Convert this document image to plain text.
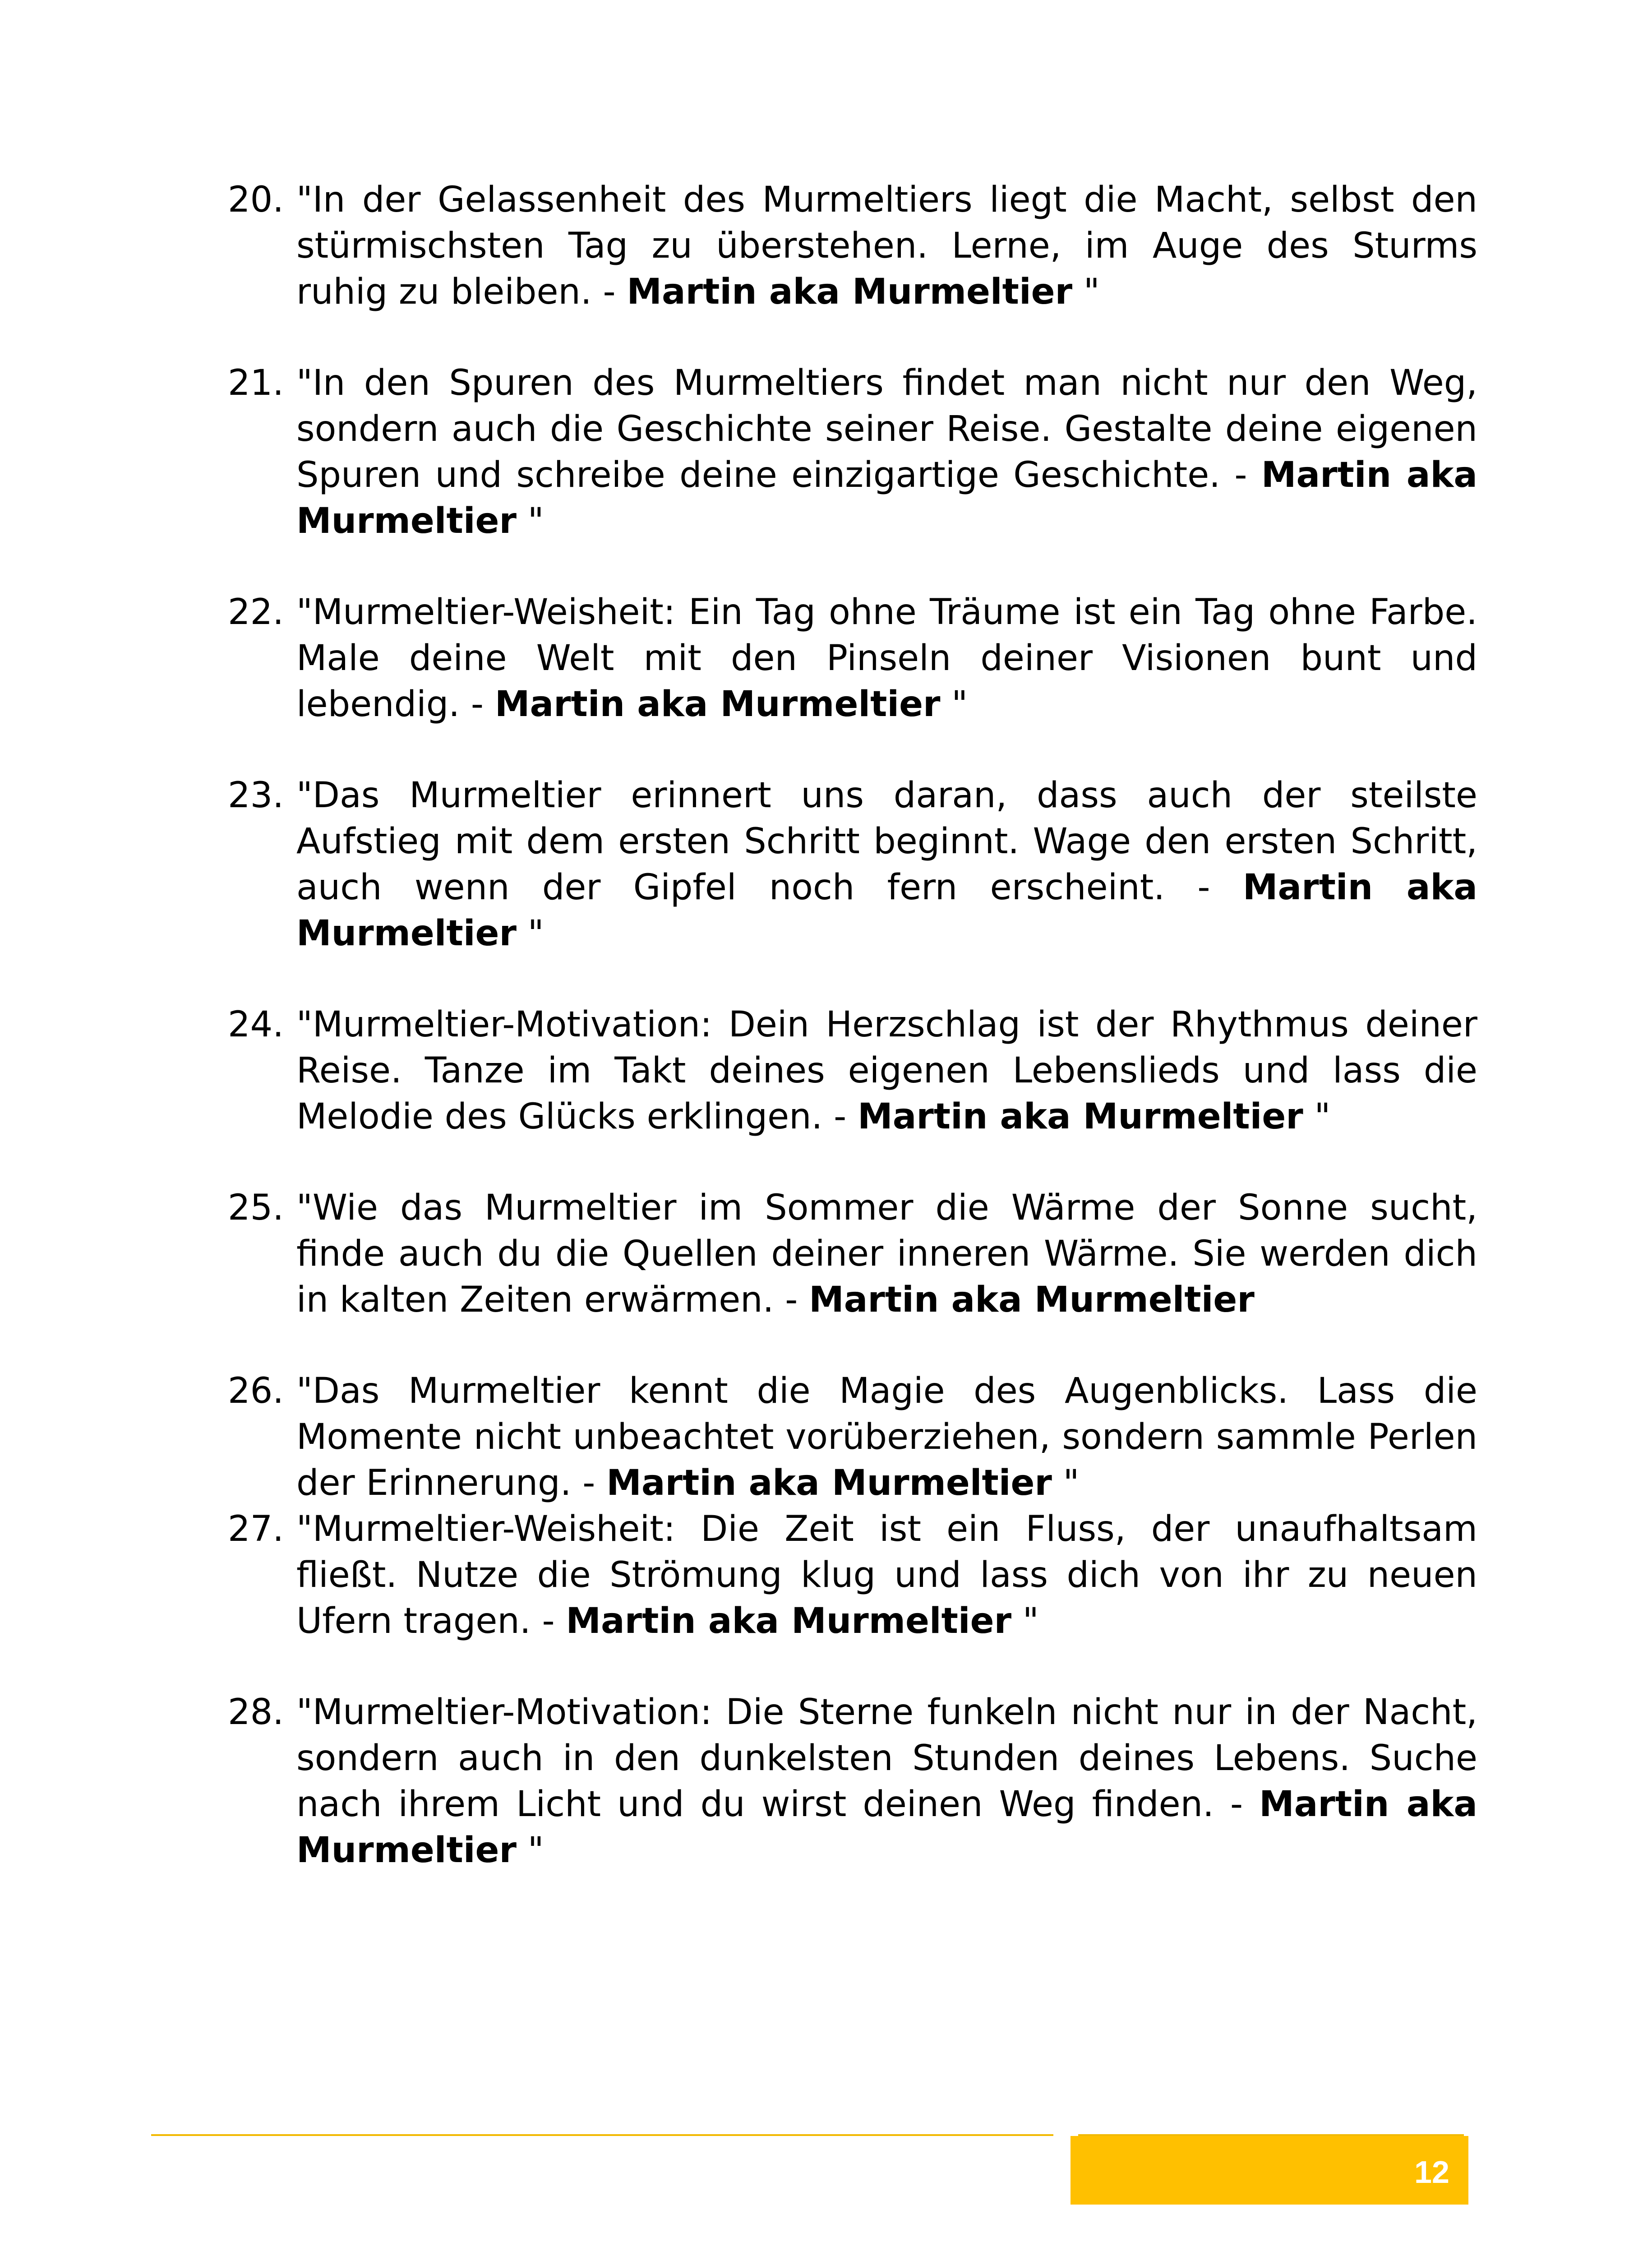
20. "In der Gelassenheit des Murmeltiers liegt die Macht, selbst den stürmischsten Tag zu überstehen. Lerne, im Auge des Sturms ruhig zu bleiben. - Martin aka Murmeltier "
21. "In den Spuren des Murmeltiers findet man nicht nur den Weg, sondern auch die Geschichte seiner Reise. Gestalte deine eigenen Spuren und schreibe deine einzigartige Geschichte. - Martin aka Murmeltier "
22. "Murmeltier-Weisheit: Ein Tag ohne Träume ist ein Tag ohne Farbe. Male deine Welt mit den Pinseln deiner Visionen bunt und lebendig. - Martin aka Murmeltier "
23. "Das Murmeltier erinnert uns daran, dass auch der steilste Aufstieg mit dem ersten Schritt beginnt. Wage den ersten Schritt, auch wenn der Gipfel noch fern erscheint. - Martin aka Murmeltier "
24. "Murmeltier-Motivation: Dein Herzschlag ist der Rhythmus deiner Reise. Tanze im Takt deines eigenen Lebenslieds und lass die Melodie des Glücks erklingen. - Martin aka Murmeltier "
25. "Wie das Murmeltier im Sommer die Wärme der Sonne sucht, finde auch du die Quellen deiner inneren Wärme. Sie werden dich in kalten Zeiten erwärmen. - Martin aka Murmeltier
26. "Das Murmeltier kennt die Magie des Augenblicks. Lass die Momente nicht unbeachtet vorüberziehen, sondern sammle Perlen der Erinnerung. - Martin aka Murmeltier "
27. "Murmeltier-Weisheit: Die Zeit ist ein Fluss, der unaufhaltsam fließt. Nutze die Strömung klug und lass dich von ihr zu neuen Ufern tragen. - Martin aka Murmeltier "
28. "Murmeltier-Motivation: Die Sterne funkeln nicht nur in der Nacht, sondern auch in den dunkelsten Stunden deines Lebens. Suche nach ihrem Licht und du wirst deinen Weg finden. - Martin aka Murmeltier "
12
